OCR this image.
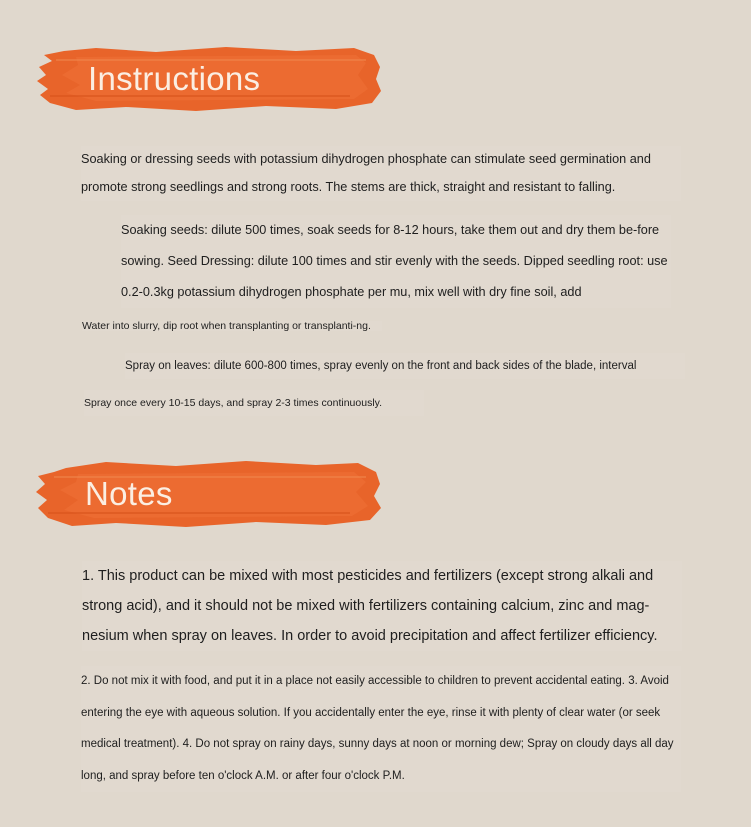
Instructions
Soaking or dressing seeds with potassium dihydrogen phosphate can stimulate seed germination and promote strong seedlings and strong roots. The stems are thick, straight and resistant to falling.
Soaking seeds: dilute 500 times, soak seeds for 8-12 hours, take them out and dry them be-fore sowing. Seed Dressing: dilute 100 times and stir evenly with the seeds. Dipped seedling root: use 0.2-0.3kg potassium dihydrogen phosphate per mu, mix well with dry fine soil, add
Water into slurry, dip root when transplanting or transplanti-ng.
Spray on leaves: dilute 600-800 times, spray evenly on the front and back sides of the blade, interval
Spray once every 10-15 days, and spray 2-3 times continuously.
Notes
1. This product can be mixed with most pesticides and fertilizers (except strong alkali and strong acid), and it should not be mixed with fertilizers containing calcium, zinc and mag-nesium when spray on leaves. In order to avoid precipitation and affect fertilizer efficiency.
2. Do not mix it with food, and put it in a place not easily accessible to children to prevent accidental eating. 3. Avoid entering the eye with aqueous solution. If you accidentally enter the eye, rinse it with plenty of clear water (or seek medical treatment). 4. Do not spray on rainy days, sunny days at noon or morning dew; Spray on cloudy days all day long, and spray before ten o'clock A.M. or after four o'clock P.M.
